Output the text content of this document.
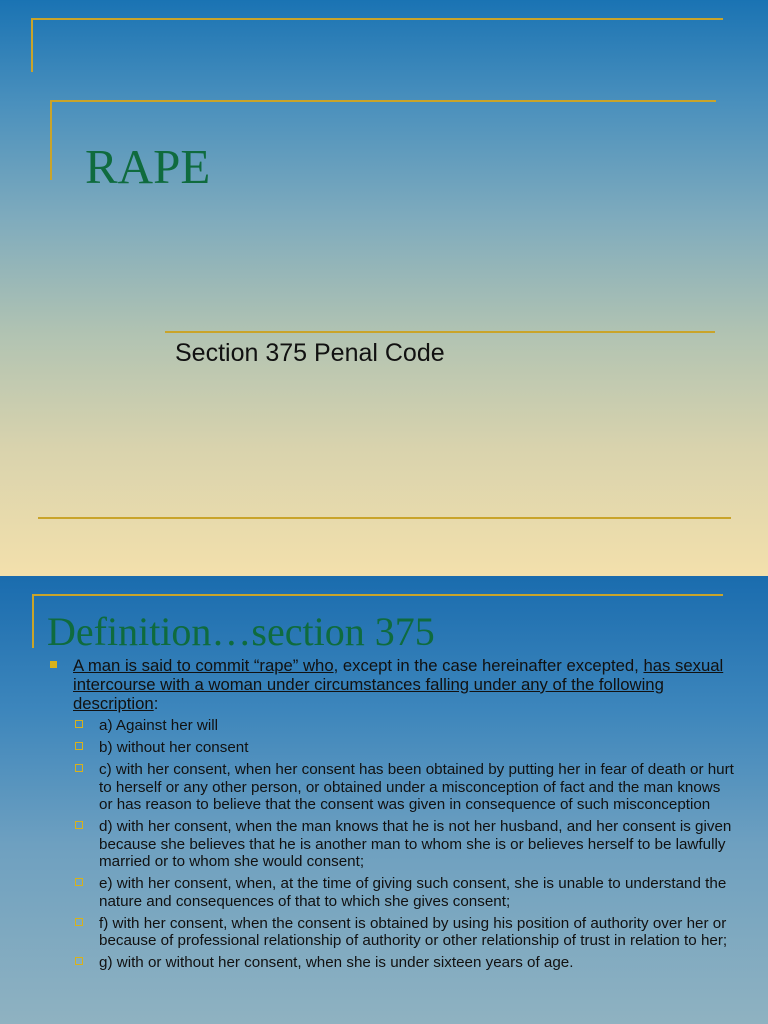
RAPE

Section 375 Penal Code

Definition…section 375
A man is said to commit “rape” who, except in the case hereinafter excepted, has sexual intercourse with a woman under circumstances falling under any of the following description:
a) Against her will
b) without her consent
c) with her consent, when her consent has been obtained by putting her in fear of death or hurt to herself or any other person, or obtained under a misconception of fact and the man knows or has reason to believe that the consent was given in consequence of such misconception
d) with her consent, when the man knows that he is not her husband, and her consent is given because she believes that he is another man to whom she is or believes herself to be lawfully married or to whom she would consent;
e) with her consent, when, at the time of giving such consent, she is unable to understand the nature and consequences of that to which she gives consent;
f) with her consent, when the consent is obtained by using his position of authority over her or because of professional relationship of authority or other relationship of trust in relation to her;
g) with or without her consent, when she is under sixteen years of age.
